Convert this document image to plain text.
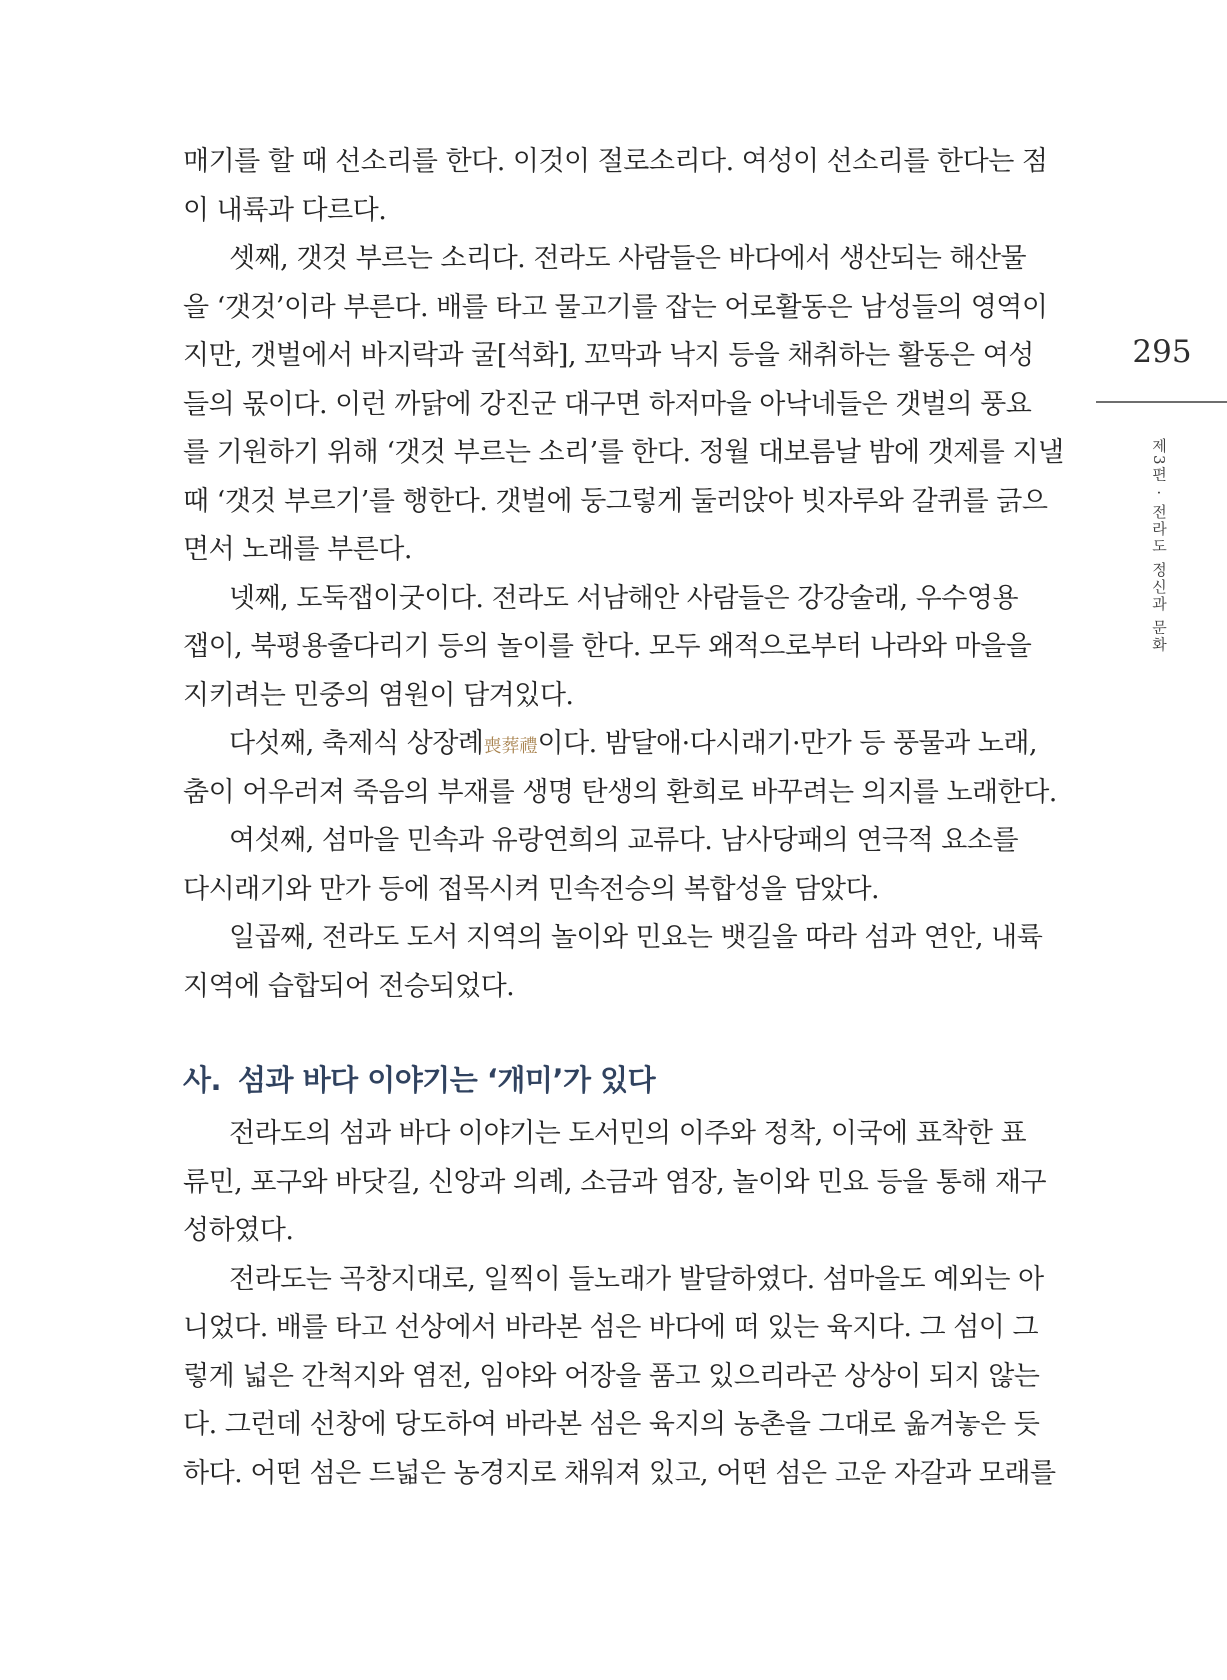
매기를 할 때 선소리를 한다. 이것이 절로소리다. 여성이 선소리를 한다는 점
이 내륙과 다르다.
셋째, 갯것 부르는 소리다. 전라도 사람들은 바다에서 생산되는 해산물
을 ‘갯것’이라 부른다. 배를 타고 물고기를 잡는 어로활동은 남성들의 영역이
지만, 갯벌에서 바지락과 굴[석화], 꼬막과 낙지 등을 채취하는 활동은 여성
들의 몫이다. 이런 까닭에 강진군 대구면 하저마을 아낙네들은 갯벌의 풍요
를 기원하기 위해 ‘갯것 부르는 소리’를 한다. 정월 대보름날 밤에 갯제를 지낼
때 ‘갯것 부르기’를 행한다. 갯벌에 둥그렇게 둘러앉아 빗자루와 갈퀴를 긁으
면서 노래를 부른다.
넷째, 도둑잽이굿이다. 전라도 서남해안 사람들은 강강술래, 우수영용
잽이, 북평용줄다리기 등의 놀이를 한다. 모두 왜적으로부터 나라와 마을을
지키려는 민중의 염원이 담겨있다.
다섯째, 축제식 상장례喪葬禮이다. 밤달애·다시래기·만가 등 풍물과 노래,
춤이 어우러져 죽음의 부재를 생명 탄생의 환희로 바꾸려는 의지를 노래한다.
여섯째, 섬마을 민속과 유랑연희의 교류다. 남사당패의 연극적 요소를
다시래기와 만가 등에 접목시켜 민속전승의 복합성을 담았다.
일곱째, 전라도 도서 지역의 놀이와 민요는 뱃길을 따라 섬과 연안, 내륙
지역에 습합되어 전승되었다.
사. 섬과 바다 이야기는 ‘개미’가 있다
전라도의 섬과 바다 이야기는 도서민의 이주와 정착, 이국에 표착한 표
류민, 포구와 바닷길, 신앙과 의례, 소금과 염장, 놀이와 민요 등을 통해 재구
성하였다.
전라도는 곡창지대로, 일찍이 들노래가 발달하였다. 섬마을도 예외는 아
니었다. 배를 타고 선상에서 바라본 섬은 바다에 떠 있는 육지다. 그 섬이 그
렇게 넓은 간척지와 염전, 임야와 어장을 품고 있으리라곤 상상이 되지 않는
다. 그런데 선창에 당도하여 바라본 섬은 육지의 농촌을 그대로 옮겨놓은 듯
하다. 어떤 섬은 드넓은 농경지로 채워져 있고, 어떤 섬은 고운 자갈과 모래를
295
제3편 · 전라도 정신과 문화
